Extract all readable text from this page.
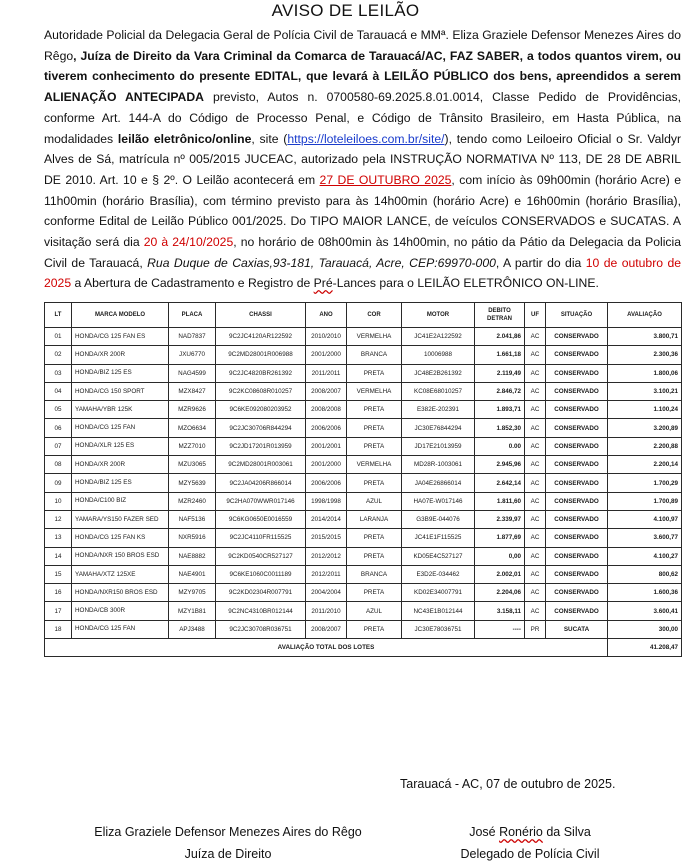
AVISO DE LEILÃO
Autoridade Policial da Delegacia Geral de Polícia Civil de Tarauacá e MMª. Eliza Graziele Defensor Menezes Aires do Rêgo, Juíza de Direito da Vara Criminal da Comarca de Tarauacá/AC, FAZ SABER, a todos quantos virem, ou tiverem conhecimento do presente EDITAL, que levará à LEILÃO PÚBLICO dos bens, apreendidos a serem ALIENAÇÃO ANTECIPADA previsto, Autos n. 0700580-69.2025.8.01.0014, Classe Pedido de Providências, conforme Art. 144-A do Código de Processo Penal, e Código de Trânsito Brasileiro, em Hasta Pública, na modalidades leilão eletrônico/online, site (https://loteleiloes.com.br/site/), tendo como Leiloeiro Oficial o Sr. Valdyr Alves de Sá, matrícula nº 005/2015 JUCEAC, autorizado pela INSTRUÇÃO NORMATIVA Nº 113, DE 28 DE ABRIL DE 2010. Art. 10 e § 2º. O Leilão acontecerá em 27 DE OUTUBRO 2025, com início às 09h00min (horário Acre) e 11h00min (horário Brasília), com término previsto para às 14h00min (horário Acre) e 16h00min (horário Brasília), conforme Edital de Leilão Público 001/2025. Do TIPO MAIOR LANCE, de veículos CONSERVADOS e SUCATAS. A visitação será dia 20 à 24/10/2025, no horário de 08h00min às 14h00min, no pátio da Pátio da Delegacia da Policia Civil de Tarauacá, Rua Duque de Caxias,93-181, Tarauacá, Acre, CEP:69970-000, A partir do dia 10 de outubro de 2025 a Abertura de Cadastramento e Registro de Pré-Lances para o LEILÃO ELETRÔNICO ON-LINE.
LT	MARCA MODELO	PLACA	CHASSI	ANO	COR	MOTOR	DEBITO DETRAN	UF	SITUAÇÃO	AVALIAÇÃO
01	HONDA/CG 125 FAN ES	NAD7837	9C2JC4120AR122592	2010/2010	VERMELHA	JC41E2A122592	2.041,86	AC	CONSERVADO	3.800,71
02	HONDA/XR 200R	JXU6770	9C2MD28001R006988	2001/2000	BRANCA	10006988	1.661,18	AC	CONSERVADO	2.300,36
03	HONDA/BIZ 125 ES	NAG4599	9C2JC4820BR261392	2011/2011	PRETA	JC48E2B261392	2.119,49	AC	CONSERVADO	1.800,06
04	HONDA/CG 150 SPORT	MZX8427	9C2KC08608R010257	2008/2007	VERMELHA	KC08E68010257	2.846,72	AC	CONSERVADO	3.100,21
05	YAMAHA/YBR 125K	MZR9626	9C6KE092080203952	2008/2008	PRETA	E382E-202391	1.893,71	AC	CONSERVADO	1.100,24
06	HONDA/CG 125 FAN	MZO6634	9C2JC30706R844294	2006/2006	PRETA	JC30E76844294	1.852,30	AC	CONSERVADO	3.200,89
07	HONDA/XLR 125 ES	MZZ7010	9C2JD17201R013959	2001/2001	PRETA	JD17E21013959	0.00	AC	CONSERVADO	2.200,88
08	HONDA/XR 200R	MZU3065	9C2MD28001R003061	2001/2000	VERMELHA	MD28R-1003061	2.945,96	AC	CONSERVADO	2.200,14
09	HONDA/BIZ 125 ES	MZY5639	9C2JA04206R866014	2006/2006	PRETA	JA04E26866014	2.642,14	AC	CONSERVADO	1.700,29
10	HONDA/C100 BIZ	MZR2460	9C2HA070WWR017146	1998/1998	AZUL	HA07E-W017146	1.811,60	AC	CONSERVADO	1.700,89
12	YAMARA/YS150 FAZER SED	NAF5136	9C6KG0650E0016559	2014/2014	LARANJA	G3B9E-044076	2.339,97	AC	CONSERVADO	4.100,97
13	HONDA/CG 125 FAN KS	NXR5916	9C2JC4110FR115525	2015/2015	PRETA	JC41E1F115525	1.877,69	AC	CONSERVADO	3.600,77
14	HONDA/NXR 150 BROS ESD	NAE8882	9C2KD0540CR527127	2012/2012	PRETA	KD05E4C527127	0,00	AC	CONSERVADO	4.100,27
15	YAMAHA/XTZ 125XE	NAE4901	9C6KE1060C0011189	2012/2011	BRANCA	E3D2E-034462	2.002,01	AC	CONSERVADO	800,62
16	HONDA/NXR150 BROS ESD	MZY9705	9C2KD02304R007791	2004/2004	PRETA	KD02E34007791	2.204,06	AC	CONSERVADO	1.600,36
17	HONDA/CB 300R	MZY1B81	9C2NC4310BR012144	2011/2010	AZUL	NC43E1B012144	3.158,11	AC	CONSERVADO	3.600,41
18	HONDA/CG 125 FAN	APJ3488	9C2JC30708R036751	2008/2007	PRETA	JC30E78036751	----	PR	SUCATA	300,00
AVALIAÇÃO TOTAL DOS LOTES										41.208,47
Tarauacá - AC, 07 de outubro de 2025.
Eliza Graziele Defensor Menezes Aires do Rêgo
Juíza de Direito
José Ronério da Silva
Delegado de Polícia Civil
